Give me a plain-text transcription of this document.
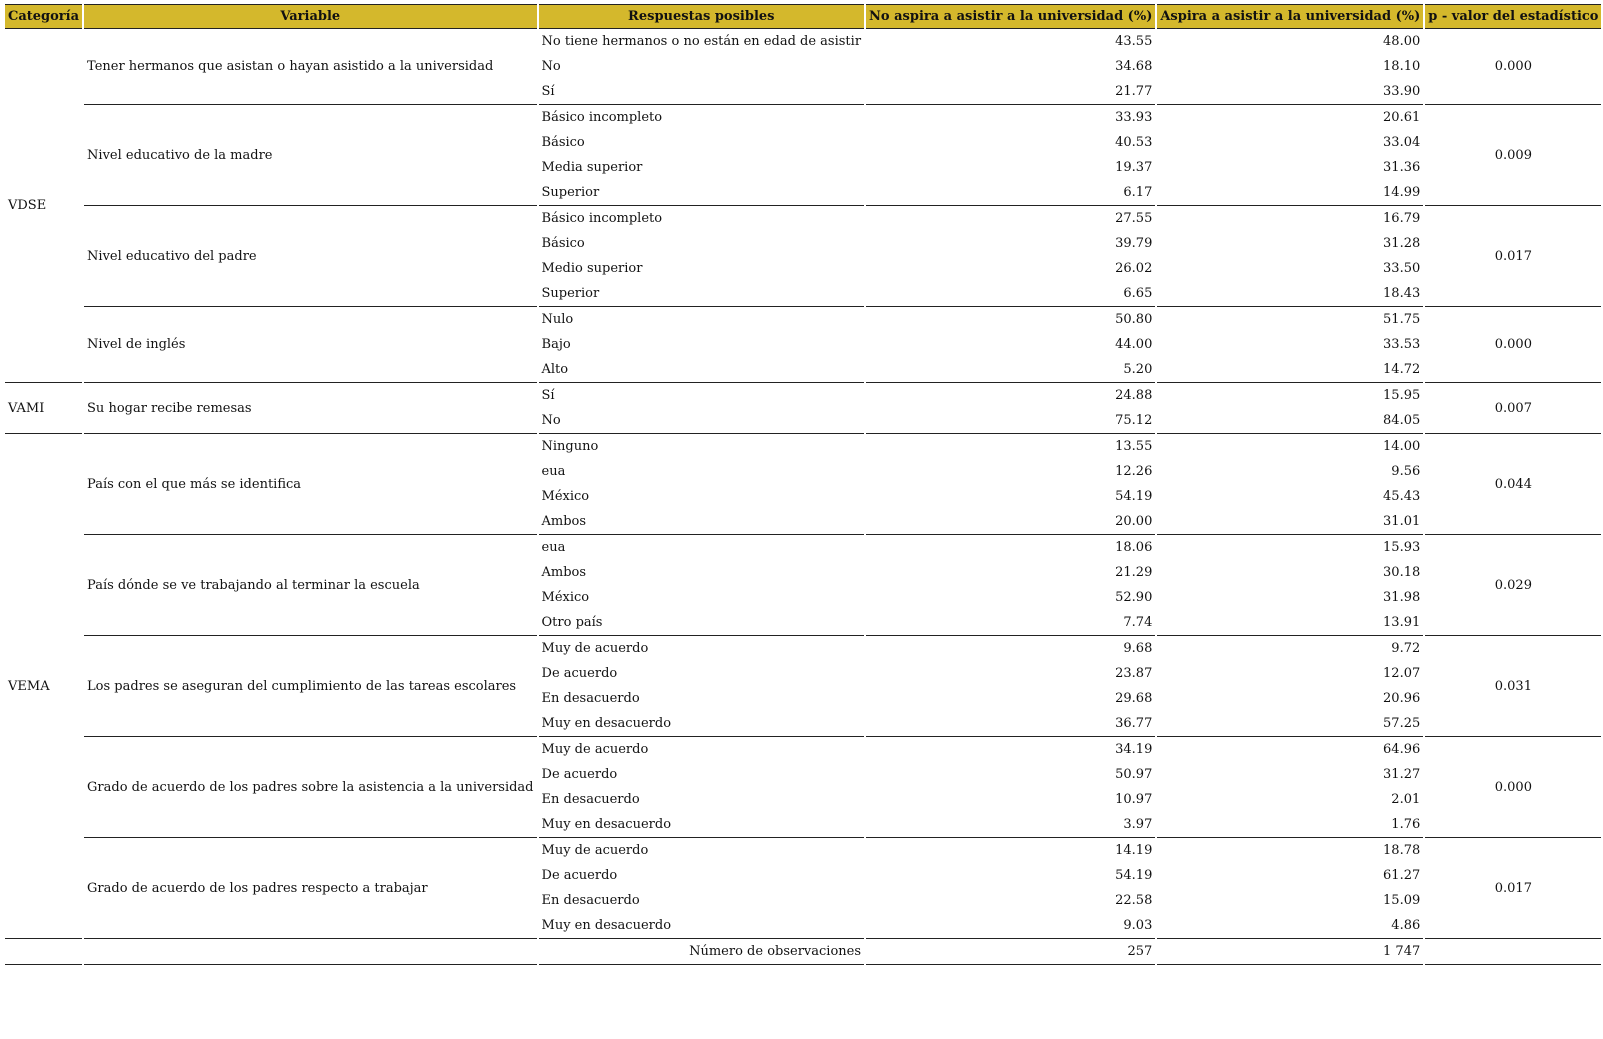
Categoría	Variable	Respuestas posibles	No aspira a asistir a la universidad (%)	Aspira a asistir a la universidad (%)	p - valor del estadístico
VDSE	Tener hermanos que asistan o hayan asistido a la universidad	No tiene hermanos o no están en edad de asistir	43.55	48.00	0.000
		No	34.68	18.10	
		Sí	21.77	33.90	
	Nivel educativo de la madre	Básico incompleto	33.93	20.61	0.009
		Básico	40.53	33.04	
		Media superior	19.37	31.36	
		Superior	6.17	14.99	
	Nivel educativo del padre	Básico incompleto	27.55	16.79	0.017
		Básico	39.79	31.28	
		Medio superior	26.02	33.50	
		Superior	6.65	18.43	
	Nivel de inglés	Nulo	50.80	51.75	0.000
		Bajo	44.00	33.53	
		Alto	5.20	14.72	
VAMI	Su hogar recibe remesas	Sí	24.88	15.95	0.007
		No	75.12	84.05	
VEMA	País con el que más se identifica	Ninguno	13.55	14.00	0.044
		eua	12.26	9.56	
		México	54.19	45.43	
		Ambos	20.00	31.01	
	País dónde se ve trabajando al terminar la escuela	eua	18.06	15.93	0.029
		Ambos	21.29	30.18	
		México	52.90	31.98	
		Otro país	7.74	13.91	
	Los padres se aseguran del cumplimiento de las tareas escolares	Muy de acuerdo	9.68	9.72	0.031
		De acuerdo	23.87	12.07	
		En desacuerdo	29.68	20.96	
		Muy en desacuerdo	36.77	57.25	
	Grado de acuerdo de los padres sobre la asistencia a la universidad	Muy de acuerdo	34.19	64.96	0.000
		De acuerdo	50.97	31.27	
		En desacuerdo	10.97	2.01	
		Muy en desacuerdo	3.97	1.76	
	Grado de acuerdo de los padres respecto a trabajar	Muy de acuerdo	14.19	18.78	0.017
		De acuerdo	54.19	61.27	
		En desacuerdo	22.58	15.09	
		Muy en desacuerdo	9.03	4.86	
		Número de observaciones	257	1 747	
